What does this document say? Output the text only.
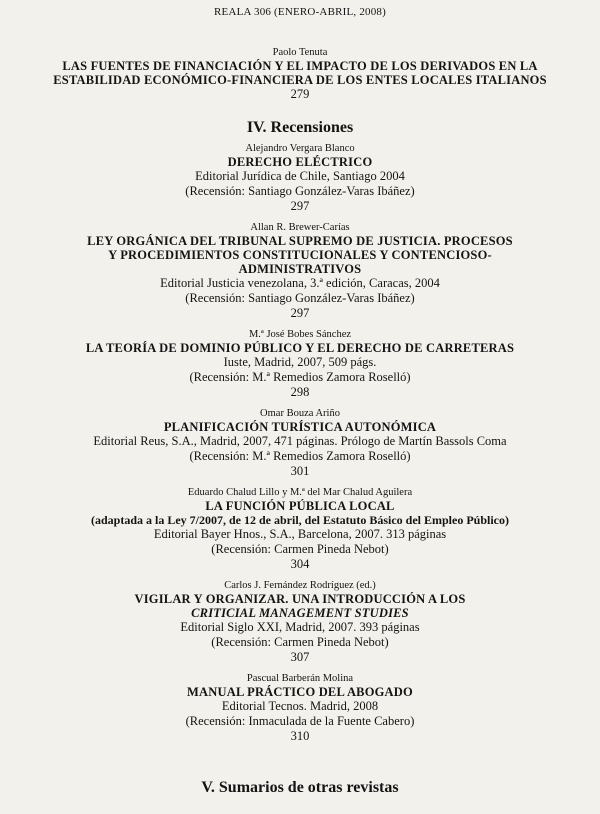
REALA 306 (ENERO-ABRIL, 2008)
Paolo Tenuta
LAS FUENTES DE FINANCIACIÓN Y EL IMPACTO DE LOS DERIVADOS EN LA
ESTABILIDAD ECONÓMICO-FINANCIERA DE LOS ENTES LOCALES ITALIANOS
279
IV. Recensiones
Alejandro Vergara Blanco
DERECHO ELÉCTRICO
Editorial Jurídica de Chile, Santiago 2004
(Recensión: Santiago González-Varas Ibáñez)
297
Allan R. Brewer-Carías
LEY ORGÁNICA DEL TRIBUNAL SUPREMO DE JUSTICIA. PROCESOS
Y PROCEDIMIENTOS CONSTITUCIONALES Y CONTENCIOSO-
ADMINISTRATIVOS
Editorial Justicia venezolana, 3.ª edición, Caracas, 2004
(Recensión: Santiago González-Varas Ibáñez)
297
M.ª José Bobes Sánchez
LA TEORÍA DE DOMINIO PÚBLICO Y EL DERECHO DE CARRETERAS
Iuste, Madrid, 2007, 509 págs.
(Recensión: M.ª Remedios Zamora Roselló)
298
Omar Bouza Ariño
PLANIFICACIÓN TURÍSTICA AUTONÓMICA
Editorial Reus, S.A., Madrid, 2007, 471 páginas. Prólogo de Martín Bassols Coma
(Recensión: M.ª Remedios Zamora Roselló)
301
Eduardo Chalud Lillo y M.ª del Mar Chalud Aguilera
LA FUNCIÓN PÚBLICA LOCAL
(adaptada a la Ley 7/2007, de 12 de abril, del Estatuto Básico del Empleo Público)
Editorial Bayer Hnos., S.A., Barcelona, 2007. 313 páginas
(Recensión: Carmen Pineda Nebot)
304
Carlos J. Fernández Rodríguez (ed.)
VIGILAR Y ORGANIZAR. UNA INTRODUCCIÓN A LOS
CRITICIAL MANAGEMENT STUDIES
Editorial Siglo XXI, Madrid, 2007. 393 páginas
(Recensión: Carmen Pineda Nebot)
307
Pascual Barberán Molina
MANUAL PRÁCTICO DEL ABOGADO
Editorial Tecnos. Madrid, 2008
(Recensión: Inmaculada de la Fuente Cabero)
310
V. Sumarios de otras revistas
